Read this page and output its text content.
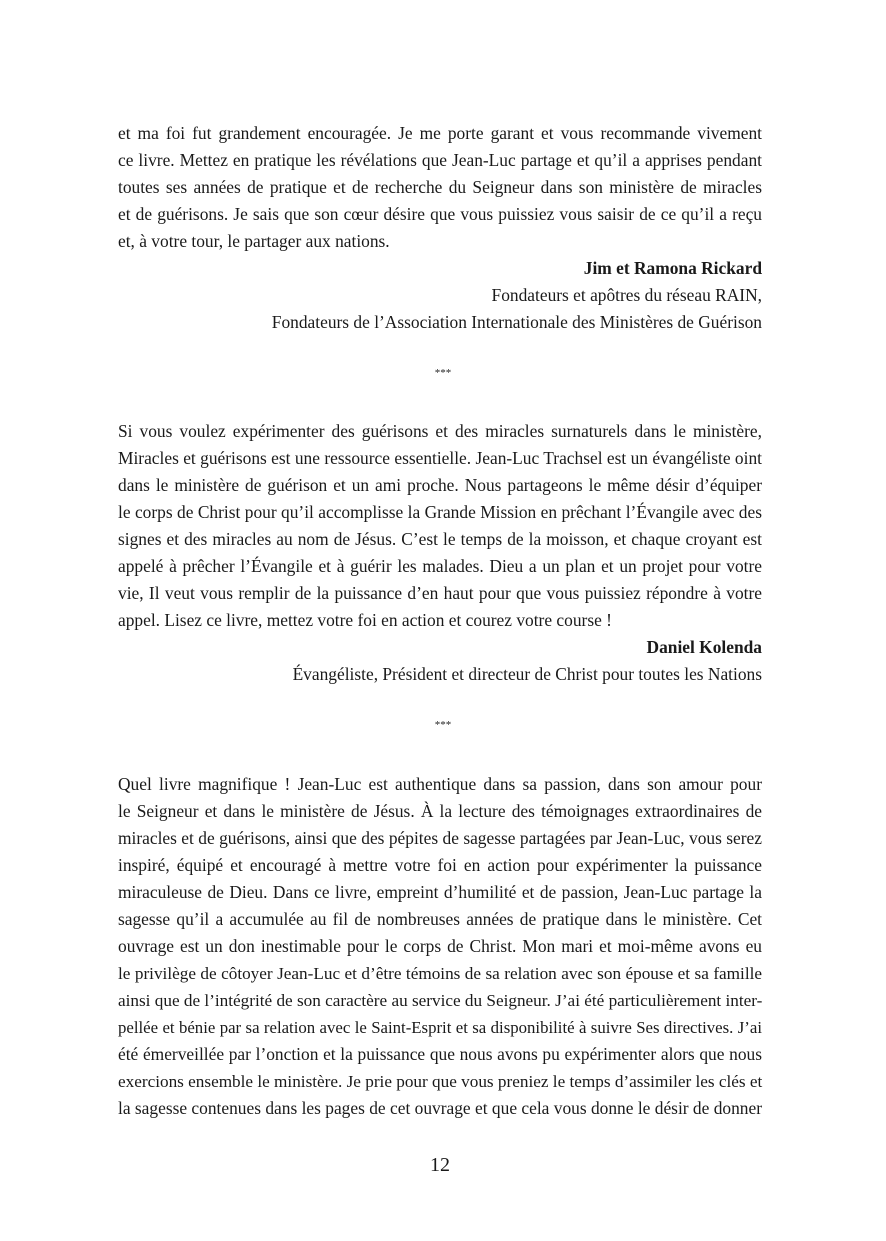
et ma foi fut grandement encouragée. Je me porte garant et vous recommande vivement
ce livre. Mettez en pratique les révélations que Jean-Luc partage et qu’il a apprises pendant
toutes ses années de pratique et de recherche du Seigneur dans son ministère de miracles
et de guérisons. Je sais que son cœur désire que vous puissiez vous saisir de ce qu’il a reçu
et, à votre tour, le partager aux nations.
Jim et Ramona Rickard
Fondateurs et apôtres du réseau RAIN,
Fondateurs de l’Association Internationale des Ministères de Guérison
***
Si vous voulez expérimenter des guérisons et des miracles surnaturels dans le ministère,
Miracles et guérisons est une ressource essentielle. Jean-Luc Trachsel est un évangéliste oint
dans le ministère de guérison et un ami proche. Nous partageons le même désir d’équiper
le corps de Christ pour qu’il accomplisse la Grande Mission en prêchant l’Évangile avec des
signes et des miracles au nom de Jésus. C’est le temps de la moisson, et chaque croyant est
appelé à prêcher l’Évangile et à guérir les malades. Dieu a un plan et un projet pour votre
vie, Il veut vous remplir de la puissance d’en haut pour que vous puissiez répondre à votre
appel. Lisez ce livre, mettez votre foi en action et courez votre course !
Daniel Kolenda
Évangéliste, Président et directeur de Christ pour toutes les Nations
***
Quel livre magnifique ! Jean-Luc est authentique dans sa passion, dans son amour pour
le Seigneur et dans le ministère de Jésus. À la lecture des témoignages extraordinaires de
miracles et de guérisons, ainsi que des pépites de sagesse partagées par Jean-Luc, vous serez
inspiré, équipé et encouragé à mettre votre foi en action pour expérimenter la puissance
miraculeuse de Dieu. Dans ce livre, empreint d’humilité et de passion, Jean-Luc partage la
sagesse qu’il a accumulée au fil de nombreuses années de pratique dans le ministère. Cet
ouvrage est un don inestimable pour le corps de Christ. Mon mari et moi-même avons eu
le privilège de côtoyer Jean-Luc et d’être témoins de sa relation avec son épouse et sa famille
ainsi que de l’intégrité de son caractère au service du Seigneur. J’ai été particulièrement inter-
pellée et bénie par sa relation avec le Saint-Esprit et sa disponibilité à suivre Ses directives. J’ai
été émerveillée par l’onction et la puissance que nous avons pu expérimenter alors que nous
exercions ensemble le ministère. Je prie pour que vous preniez le temps d’assimiler les clés et
la sagesse contenues dans les pages de cet ouvrage et que cela vous donne le désir de donner
12
